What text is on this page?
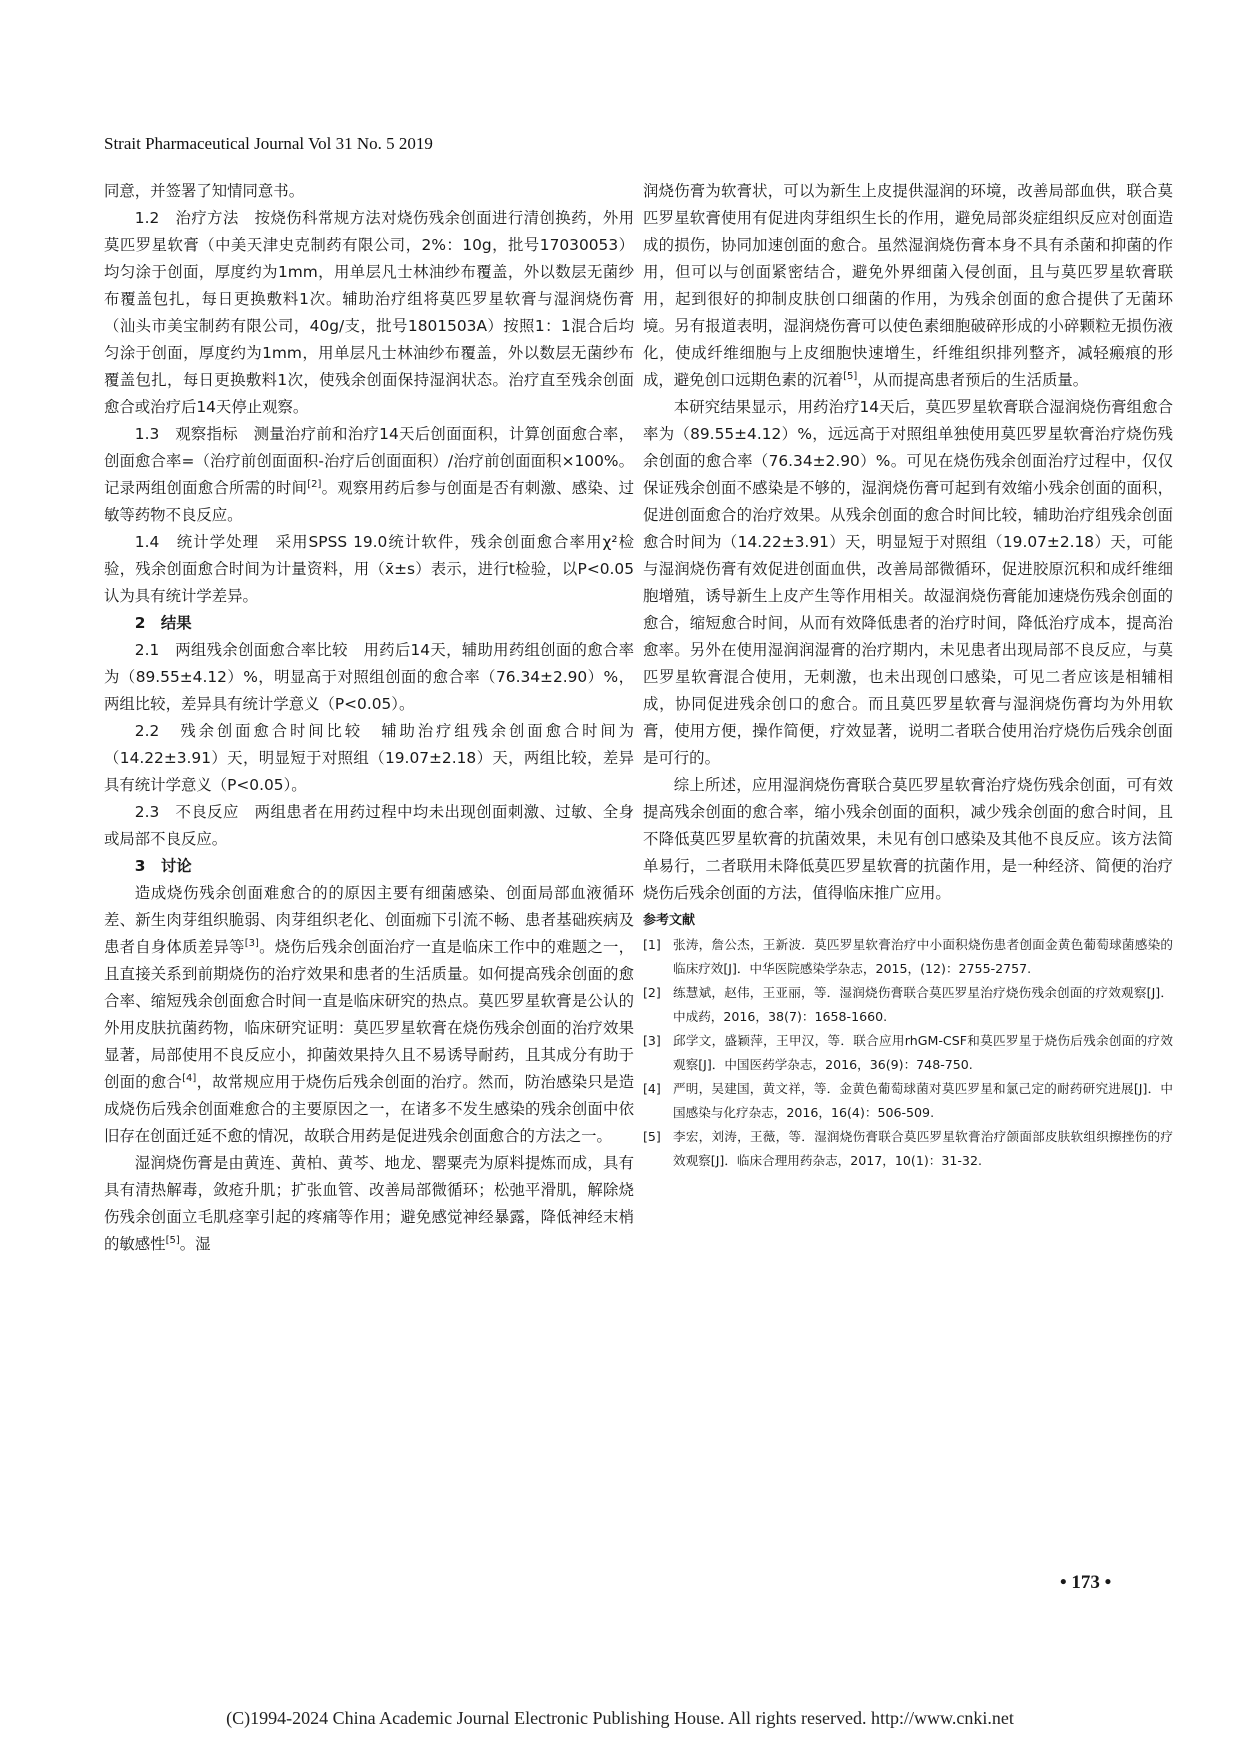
Strait Pharmaceutical Journal Vol 31 No. 5 2019

同意，并签署了知情同意书。

1.2　治疗方法　按烧伤科常规方法对烧伤残余创面进行清创换药，外用莫匹罗星软膏（中美天津史克制药有限公司，2%：10g，批号17030053）均匀涂于创面，厚度约为1mm，用单层凡士林油纱布覆盖，外以数层无菌纱布覆盖包扎，每日更换敷料1次。辅助治疗组将莫匹罗星软膏与湿润烧伤膏（汕头市美宝制药有限公司，40g/支，批号1801503A）按照1：1混合后均匀涂于创面，厚度约为1mm，用单层凡士林油纱布覆盖，外以数层无菌纱布覆盖包扎，每日更换敷料1次，使残余创面保持湿润状态。治疗直至残余创面愈合或治疗后14天停止观察。

1.3　观察指标　测量治疗前和治疗14天后创面面积，计算创面愈合率，创面愈合率=（治疗前创面面积-治疗后创面面积）/治疗前创面面积×100%。记录两组创面愈合所需的时间[2]。观察用药后参与创面是否有刺激、感染、过敏等药物不良反应。

1.4　统计学处理　采用SPSS 19.0统计软件，残余创面愈合率用χ²检验，残余创面愈合时间为计量资料，用（x̄±s）表示，进行t检验，以P<0.05认为具有统计学差异。

2　结果

2.1　两组残余创面愈合率比较　用药后14天，辅助用药组创面的愈合率为（89.55±4.12）%，明显高于对照组创面的愈合率（76.34±2.90）%，两组比较，差异具有统计学意义（P<0.05）。

2.2　残余创面愈合时间比较　辅助治疗组残余创面愈合时间为（14.22±3.91）天，明显短于对照组（19.07±2.18）天，两组比较，差异具有统计学意义（P<0.05）。

2.3　不良反应　两组患者在用药过程中均未出现创面刺激、过敏、全身或局部不良反应。

3　讨论

造成烧伤残余创面难愈合的的原因主要有细菌感染、创面局部血液循环差、新生肉芽组织脆弱、肉芽组织老化、创面痂下引流不畅、患者基础疾病及患者自身体质差异等[3]。烧伤后残余创面治疗一直是临床工作中的难题之一，且直接关系到前期烧伤的治疗效果和患者的生活质量。如何提高残余创面的愈合率、缩短残余创面愈合时间一直是临床研究的热点。莫匹罗星软膏是公认的外用皮肤抗菌药物，临床研究证明：莫匹罗星软膏在烧伤残余创面的治疗效果显著，局部使用不良反应小，抑菌效果持久且不易诱导耐药，且其成分有助于创面的愈合[4]，故常规应用于烧伤后残余创面的治疗。然而，防治感染只是造成烧伤后残余创面难愈合的主要原因之一，在诸多不发生感染的残余创面中依旧存在创面迁延不愈的情况，故联合用药是促进残余创面愈合的方法之一。

湿润烧伤膏是由黄连、黄柏、黄芩、地龙、罂粟壳为原料提炼而成，具有具有清热解毒，敛疮升肌；扩张血管、改善局部微循环；松弛平滑肌，解除烧伤残余创面立毛肌痉挛引起的疼痛等作用；避免感觉神经暴露，降低神经末梢的敏感性[5]。湿

润烧伤膏为软膏状，可以为新生上皮提供湿润的环境，改善局部血供，联合莫匹罗星软膏使用有促进肉芽组织生长的作用，避免局部炎症组织反应对创面造成的损伤，协同加速创面的愈合。虽然湿润烧伤膏本身不具有杀菌和抑菌的作用，但可以与创面紧密结合，避免外界细菌入侵创面，且与莫匹罗星软膏联用，起到很好的抑制皮肤创口细菌的作用，为残余创面的愈合提供了无菌环境。另有报道表明，湿润烧伤膏可以使色素细胞破碎形成的小碎颗粒无损伤液化，使成纤维细胞与上皮细胞快速增生，纤维组织排列整齐，减轻瘢痕的形成，避免创口远期色素的沉着[5]，从而提高患者预后的生活质量。

本研究结果显示，用药治疗14天后，莫匹罗星软膏联合湿润烧伤膏组愈合率为（89.55±4.12）%，远远高于对照组单独使用莫匹罗星软膏治疗烧伤残余创面的愈合率（76.34±2.90）%。可见在烧伤残余创面治疗过程中，仅仅保证残余创面不感染是不够的，湿润烧伤膏可起到有效缩小残余创面的面积，促进创面愈合的治疗效果。从残余创面的愈合时间比较，辅助治疗组残余创面愈合时间为（14.22±3.91）天，明显短于对照组（19.07±2.18）天，可能与湿润烧伤膏有效促进创面血供，改善局部微循环，促进胶原沉积和成纤维细胞增殖，诱导新生上皮产生等作用相关。故湿润烧伤膏能加速烧伤残余创面的愈合，缩短愈合时间，从而有效降低患者的治疗时间，降低治疗成本，提高治愈率。另外在使用湿润润湿膏的治疗期内，未见患者出现局部不良反应，与莫匹罗星软膏混合使用，无刺激，也未出现创口感染，可见二者应该是相辅相成，协同促进残余创口的愈合。而且莫匹罗星软膏与湿润烧伤膏均为外用软膏，使用方便，操作简便，疗效显著，说明二者联合使用治疗烧伤后残余创面是可行的。

综上所述，应用湿润烧伤膏联合莫匹罗星软膏治疗烧伤残余创面，可有效提高残余创面的愈合率，缩小残余创面的面积，减少残余创面的愈合时间，且不降低莫匹罗星软膏的抗菌效果，未见有创口感染及其他不良反应。该方法简单易行，二者联用未降低莫匹罗星软膏的抗菌作用，是一种经济、简便的治疗烧伤后残余创面的方法，值得临床推广应用。

参考文献

[1] 张涛，詹公杰，王新波．莫匹罗星软膏治疗中小面积烧伤患者创面金黄色葡萄球菌感染的临床疗效[J]．中华医院感染学杂志，2015，(12)：2755-2757.
[2] 练慧斌，赵伟，王亚丽，等．湿润烧伤膏联合莫匹罗星治疗烧伤残余创面的疗效观察[J]．中成药，2016，38(7)：1658-1660.
[3] 邱学文，盛颖萍，王甲汉，等．联合应用rhGM-CSF和莫匹罗星于烧伤后残余创面的疗效观察[J]．中国医药学杂志，2016，36(9)：748-750.
[4] 严明，吴建国，黄文祥，等．金黄色葡萄球菌对莫匹罗星和氯己定的耐药研究进展[J]．中国感染与化疗杂志，2016，16(4)：506-509.
[5] 李宏，刘涛，王薇，等．湿润烧伤膏联合莫匹罗星软膏治疗颌面部皮肤软组织擦挫伤的疗效观察[J]．临床合理用药杂志，2017，10(1)：31-32.
• 173 •
(C)1994-2024 China Academic Journal Electronic Publishing House. All rights reserved. http://www.cnki.net
